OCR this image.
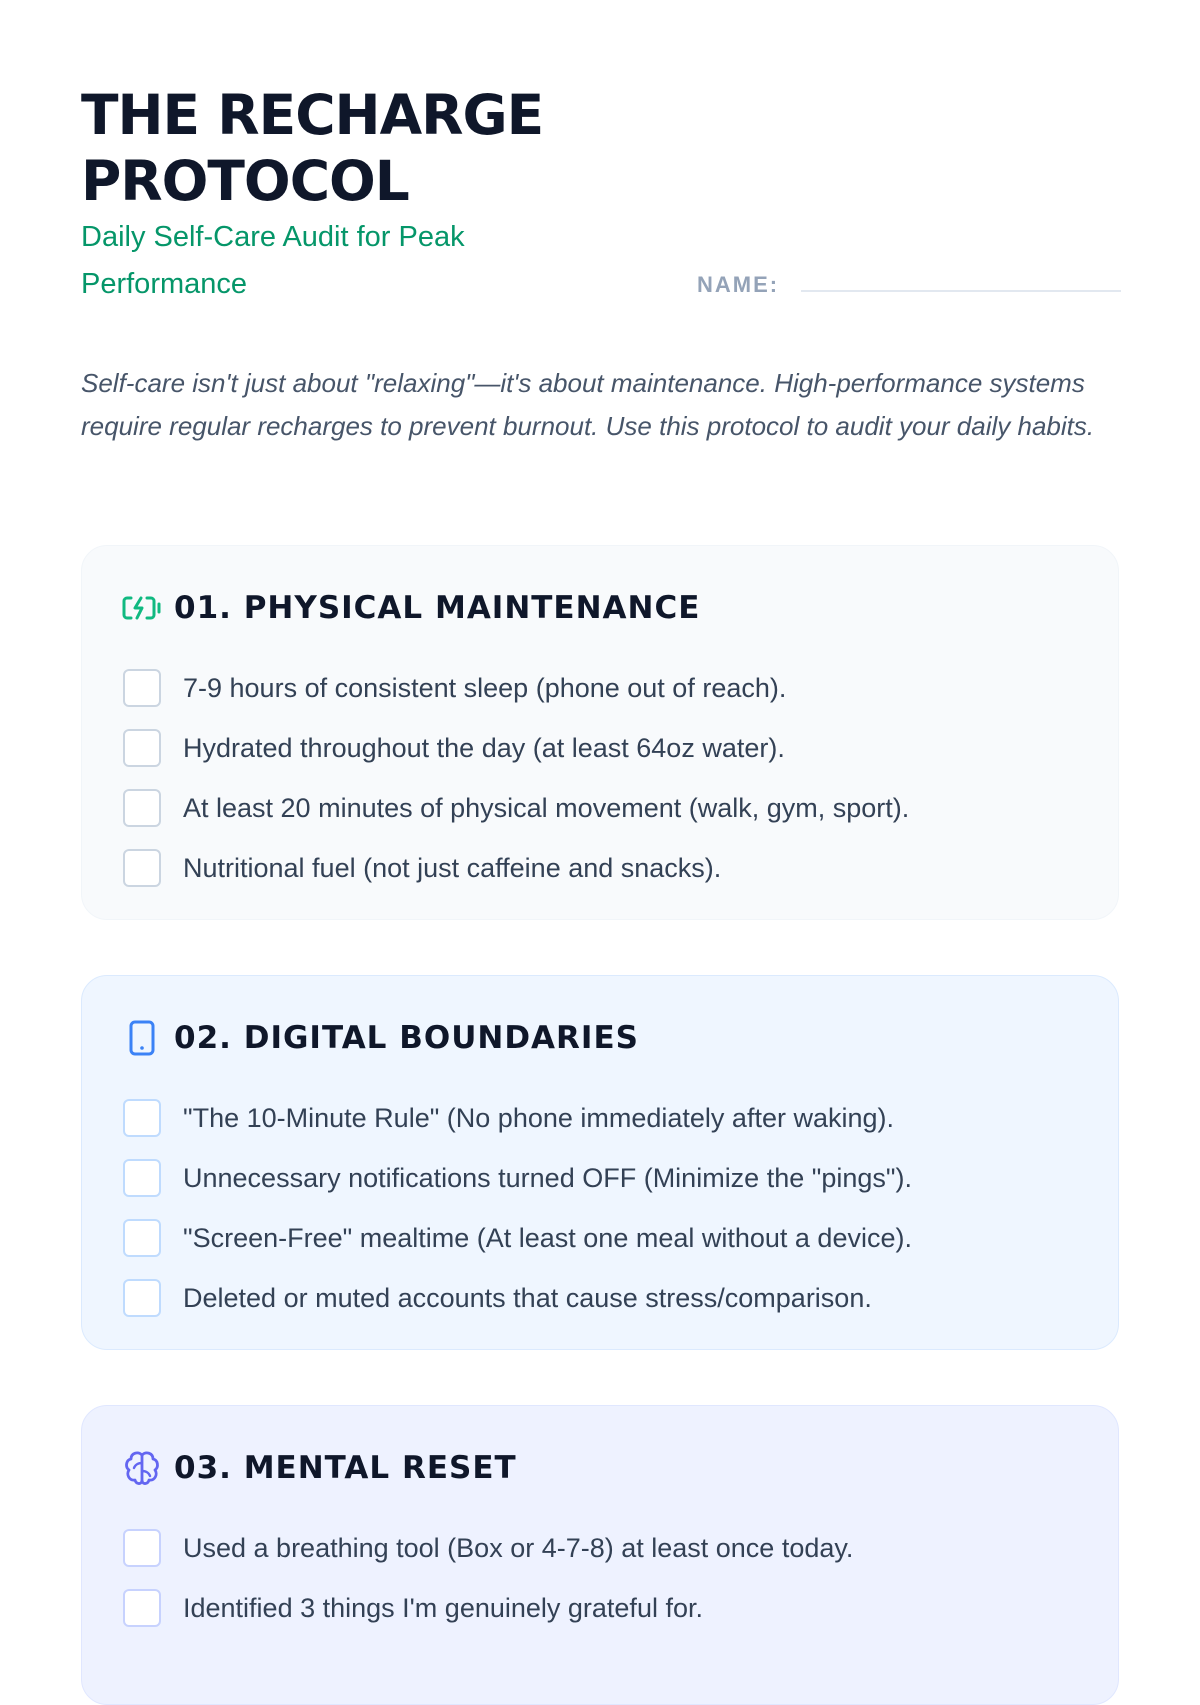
THE RECHARGE PROTOCOL

Daily Self-Care Audit for Peak Performance	NAME:

Self-care isn't just about "relaxing"—it's about maintenance. High-performance systems require regular recharges to prevent burnout. Use this protocol to audit your daily habits.

01. PHYSICAL MAINTENANCE
7-9 hours of consistent sleep (phone out of reach).
Hydrated throughout the day (at least 64oz water).
At least 20 minutes of physical movement (walk, gym, sport).
Nutritional fuel (not just caffeine and snacks).
02. DIGITAL BOUNDARIES
"The 10-Minute Rule" (No phone immediately after waking).
Unnecessary notifications turned OFF (Minimize the "pings").
"Screen-Free" mealtime (At least one meal without a device).
Deleted or muted accounts that cause stress/comparison.
03. MENTAL RESET
Used a breathing tool (Box or 4-7-8) at least once today.
Identified 3 things I'm genuinely grateful for.
